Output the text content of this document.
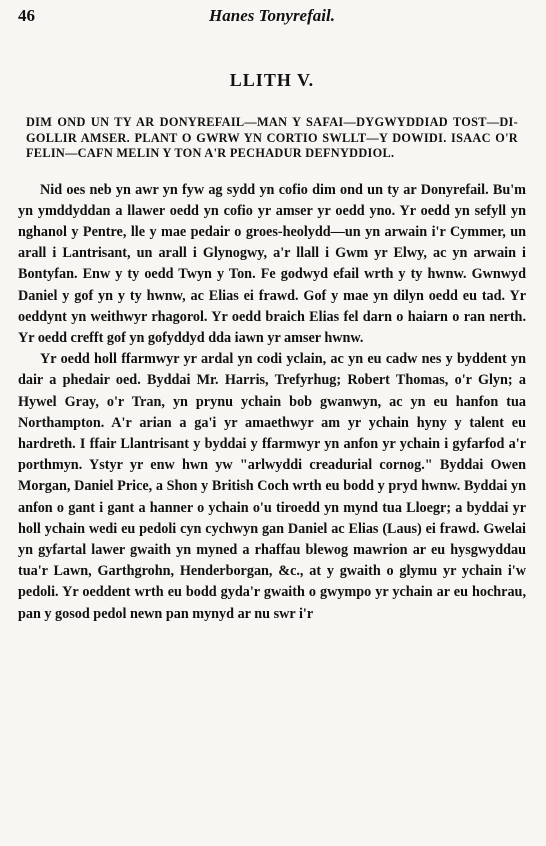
46	Hanes Tonyrefail.
LLITH V.
DIM OND UN TY AR DONYREFAIL—MAN Y SAFAI—DYGWYDDIAD TOST—DI-GOLLIR AMSER. PLANT O GWRW YN CORTIO SWLLT—Y DOWIDI. ISAAC O'R FELIN—CAFN MELIN Y TON A'R PECHADUR DEFNYDDIOL.

Nid oes neb yn awr yn fyw ag sydd yn cofio dim ond un ty ar Donyrefail. Bu'm yn ymddyddan a llawer oedd yn cofio yr amser yr oedd yno. Yr oedd yn sefyll yn nghanol y Pentre, lle y mae pedair o groes-heolydd—un yn arwain i'r Cymmer, un arall i Lantrisant, un arall i Glynogwy, a'r llall i Gwm yr Elwy, ac yn arwain i Bontyfan. Enw y ty oedd Twyn y Ton. Fe godwyd efail wrth y ty hwnw. Gwnwyd Daniel y gof yn y ty hwnw, ac Elias ei frawd. Gof y mae yn dilyn oedd eu tad. Yr oeddynt yn weithwyr rhagorol. Yr oedd braich Elias fel darn o haiarn o ran nerth. Yr oedd crefft gof yn gofyddyd dda iawn yr amser hwnw.

Yr oedd holl ffarmwyr yr ardal yn codi yclain, ac yn eu cadw nes y byddent yn dair a phedair oed. Byddai Mr. Harris, Trefyrhug; Robert Thomas, o'r Glyn; a Hywel Gray, o'r Tran, yn prynu ychain bob gwanwyn, ac yn eu hanfon tua Northampton. A'r arian a ga'i yr amaethwyr am yr ychain hyny y talent eu hardreth. I ffair Llantrisant y byddai y ffarmwyr yn anfon yr ychain i gyfarfod a'r porthmyn. Ystyr yr enw hwn yw "arlwyddi creadurial cornog." Byddai Owen Morgan, Daniel Price, a Shon y British Coch wrth eu bodd y pryd hwnw. Byddai yn anfon o gant i gant a hanner o ychain o'u tiroedd yn mynd tua Lloegr; a byddai yr holl ychain wedi eu pedoli cyn cychwyn gan Daniel ac Elias (Laus) ei frawd. Gwelai yn gyfartal lawer gwaith yn myned a rhaffau blewog mawrion ar eu hysgwyddau tua'r Lawn, Garthgrohn, Henderborgan, &c., at y gwaith o glymu yr ychain i'w pedoli. Yr oeddent wrth eu bodd gyda'r gwaith o gwympo yr ychain ar eu hochrau, pan y gosod pedol newn pan mynyd ar nu swr i'r
